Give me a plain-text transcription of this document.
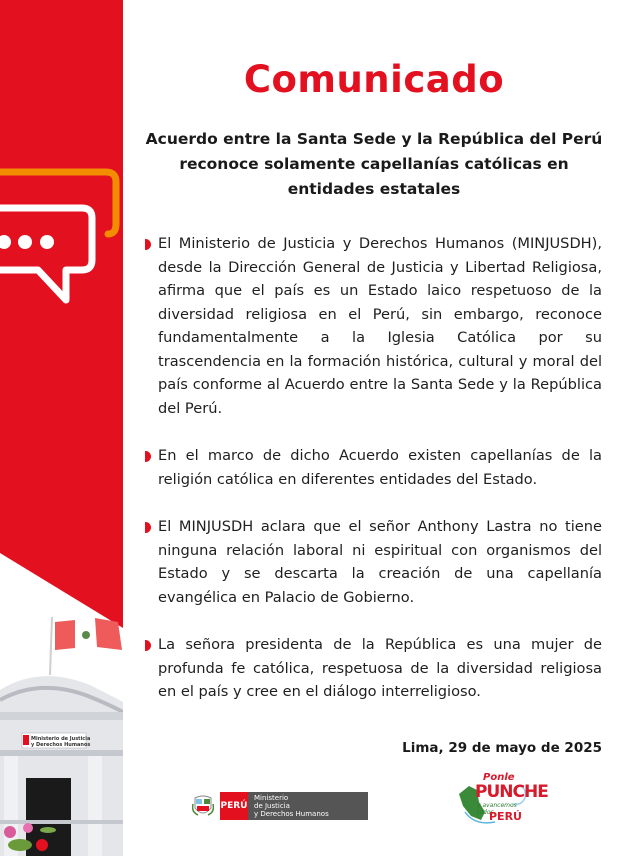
Ministerio de Justicia
y Derechos Humanos
Comunicado
Acuerdo entre la Santa Sede y la República del Perú
reconoce solamente capellanías católicas en
entidades estatales
El Ministerio de Justicia y Derechos Humanos (MINJUSDH), desde la Dirección General de Justicia y Libertad Religiosa, afirma que el país es un Estado laico respetuoso de la diversidad religiosa en el Perú, sin embargo, reconoce fundamentalmente a la Iglesia Católica por su trascendencia en la formación histórica, cultural y moral del país conforme al Acuerdo entre la Santa Sede y la República del Perú.
En el marco de dicho Acuerdo existen capellanías de la religión católica en diferentes entidades del Estado.
El MINJUSDH aclara que el señor Anthony Lastra no tiene ninguna relación laboral ni espiritual con organismos del Estado y se descarta la creación de una capellanía evangélica en Palacio de Gobierno.
La señora presidenta de la República es una mujer de profunda fe católica, respetuosa de la diversidad religiosa en el país y cree en el diálogo interreligioso.
Lima, 29 de mayo de 2025
PERÚ
Ministerio
de Justicia
y Derechos Humanos
Ponle
PUNCHE
y avancemos todos
PERÚ
